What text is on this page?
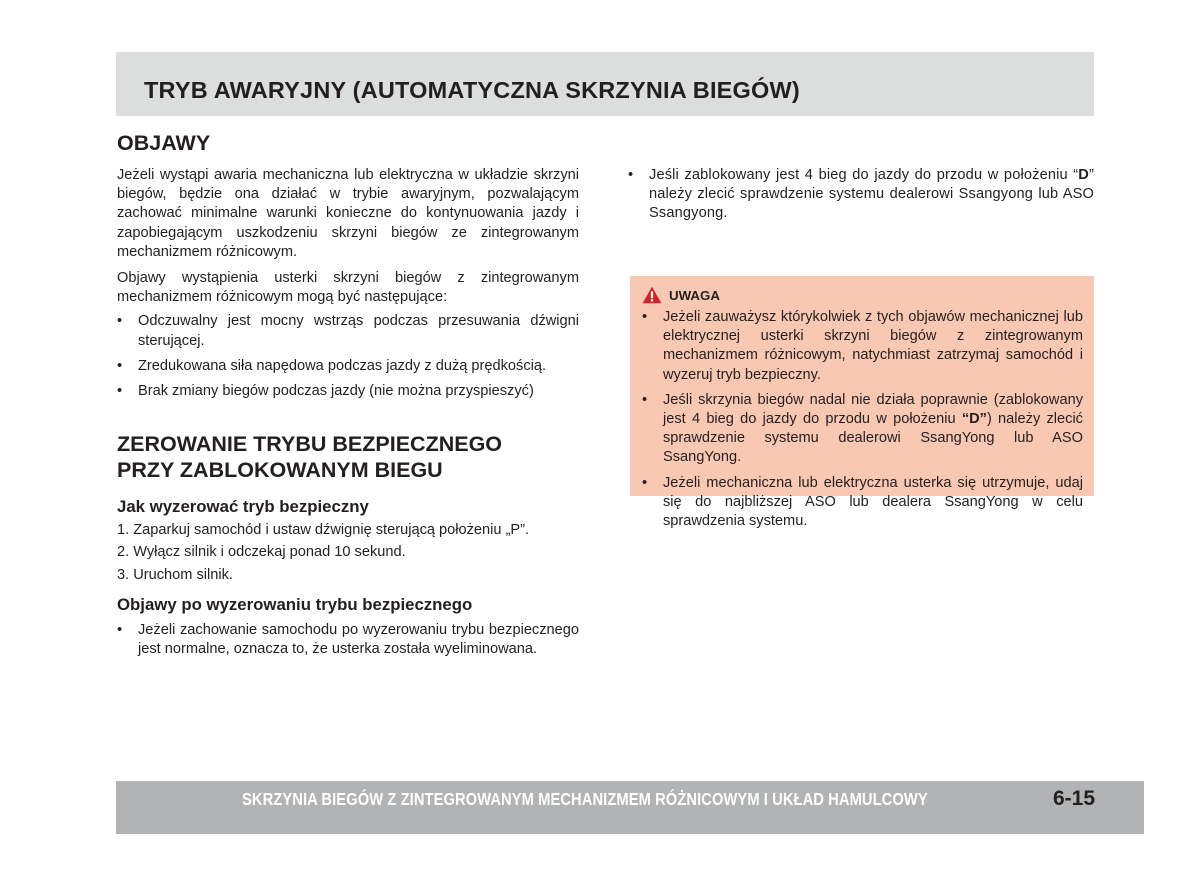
TRYB AWARYJNY (AUTOMATYCZNA SKRZYNIA BIEGÓW)
OBJAWY

Jeżeli wystąpi awaria mechaniczna lub elektryczna w układzie skrzyni biegów, będzie ona działać w trybie awaryjnym, pozwalającym zachować minimalne warunki konieczne do kontynuowania jazdy i zapobiegającym uszkodzeniu skrzyni biegów ze zintegrowanym mechanizmem różnicowym.

Objawy wystąpienia usterki skrzyni biegów z zintegrowanym mechanizmem różnicowym mogą być następujące:

• Odczuwalny jest mocny wstrząs podczas przesuwania dźwigni sterującej.
• Zredukowana siła napędowa podczas jazdy z dużą prędkością.
• Brak zmiany biegów podczas jazdy (nie można przyspieszyć)
ZEROWANIE TRYBU BEZPIECZNEGO
PRZY ZABLOKOWANYM BIEGU
Jak wyzerować tryb bezpieczny
1. Zaparkuj samochód i ustaw dźwignię sterującą położeniu „P”.
2. Wyłącz silnik i odczekaj ponad 10 sekund.
3. Uruchom silnik.
Objawy po wyzerowaniu trybu bezpiecznego
• Jeżeli zachowanie samochodu po wyzerowaniu trybu bezpiecznego jest normalne, oznacza to, że usterka została wyeliminowana.
• Jeśli zablokowany jest 4 bieg do jazdy do przodu w położeniu “D” należy zlecić sprawdzenie systemu dealerowi Ssangyong lub ASO Ssangyong.
UWAGA
• Jeżeli zauważysz którykolwiek z tych objawów mechanicznej lub elektrycznej usterki skrzyni biegów z zintegrowanym mechanizmem różnicowym, natychmiast zatrzymaj samochód i wyzeruj tryb bezpieczny.
• Jeśli skrzynia biegów nadal nie działa poprawnie (zablokowany jest 4 bieg do jazdy do przodu w położeniu “D”) należy zlecić sprawdzenie systemu dealerowi SsangYong lub ASO SsangYong.
• Jeżeli mechaniczna lub elektryczna usterka się utrzymuje, udaj się do najbliższej ASO lub dealera SsangYong w celu sprawdzenia systemu.
SKRZYNIA BIEGÓW Z ZINTEGROWANYM MECHANIZMEM RÓŻNICOWYM I UKŁAD HAMULCOWY	6-15
